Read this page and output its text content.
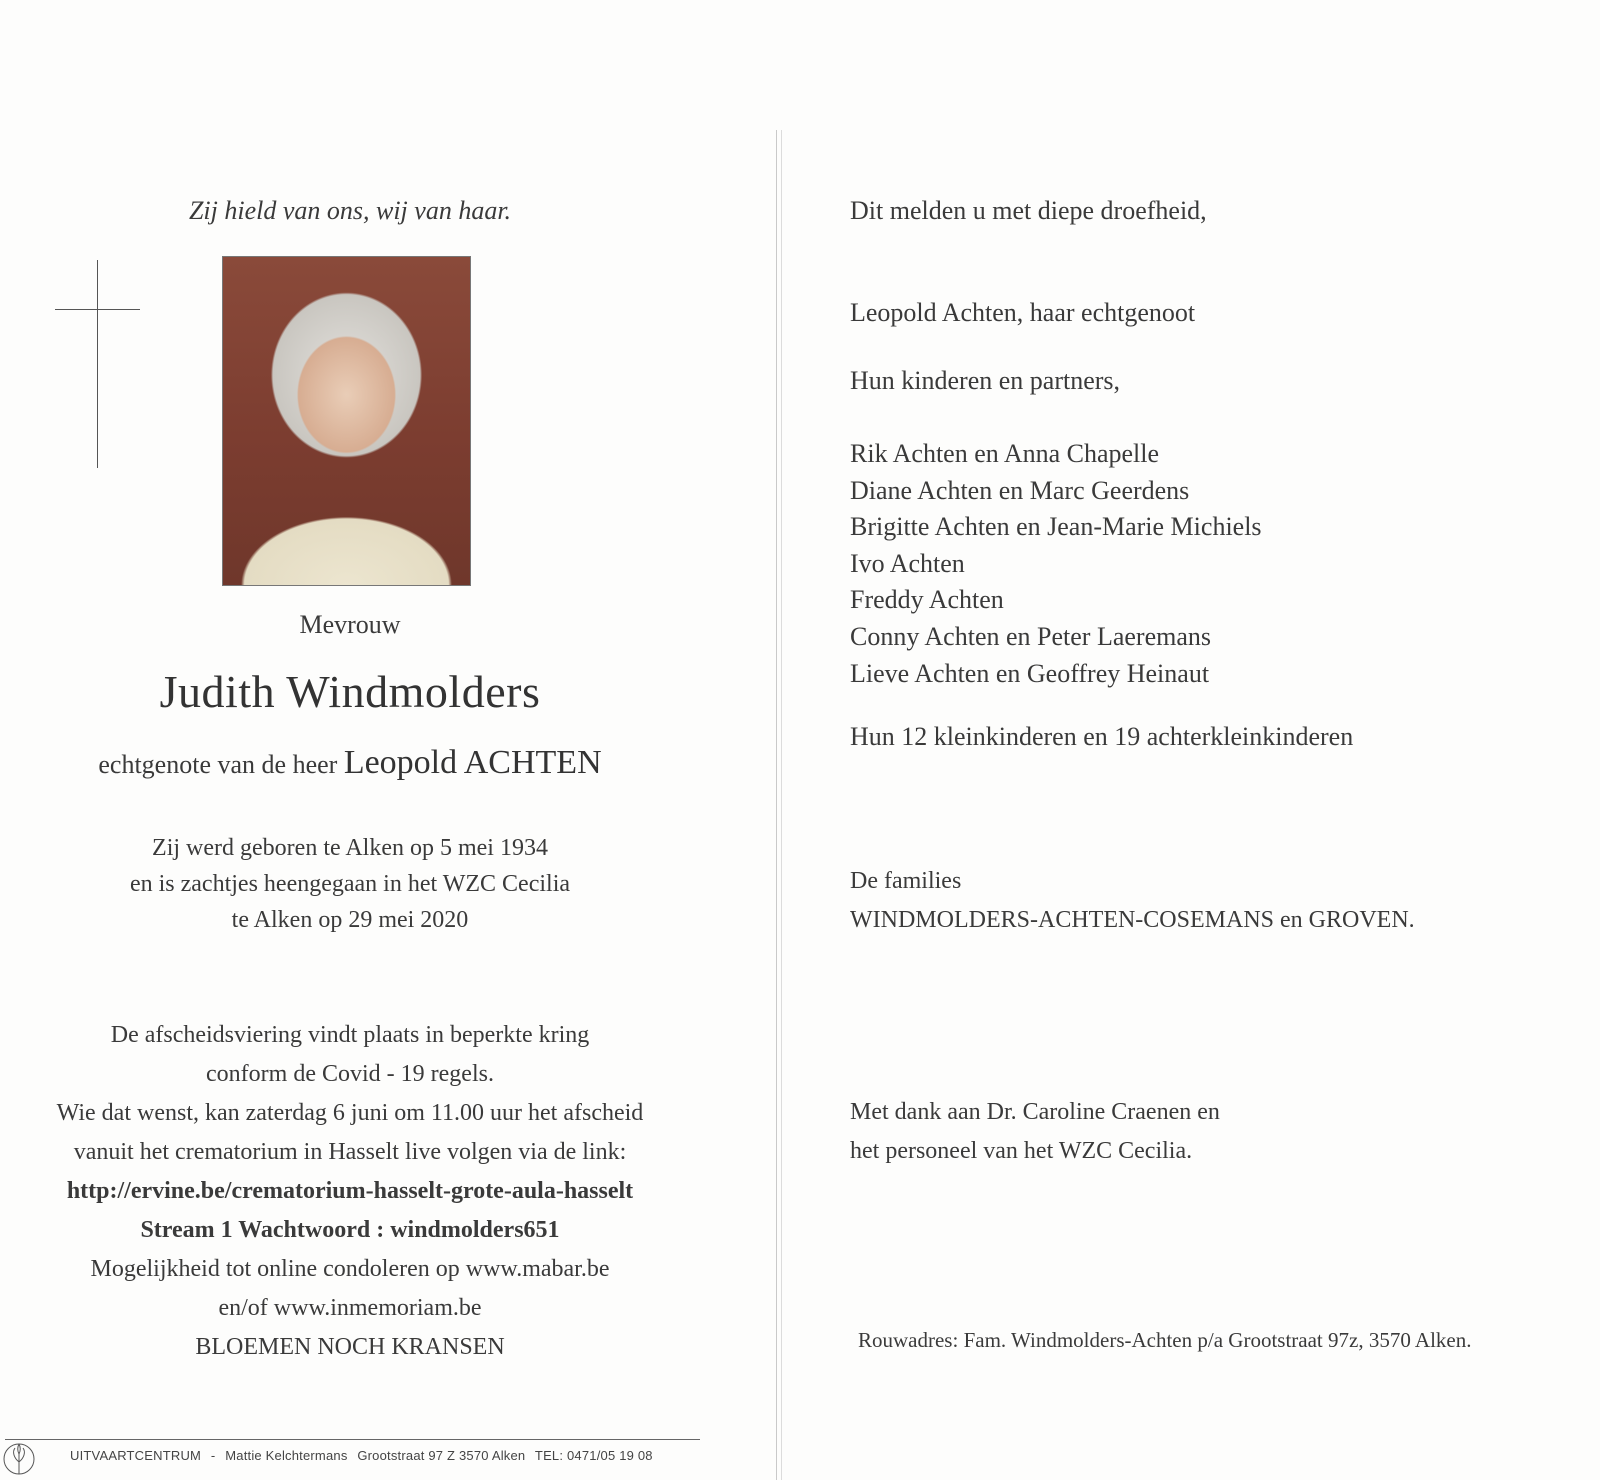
Zij hield van ons, wij van haar.
Mevrouw
Judith Windmolders
echtgenote van de heer Leopold ACHTEN
Zij werd geboren te Alken op 5 mei 1934
en is zachtjes heengegaan in het WZC Cecilia
te Alken op 29 mei 2020
De afscheidsviering vindt plaats in beperkte kring
conform de Covid - 19 regels.
Wie dat wenst, kan zaterdag 6 juni om 11.00 uur het afscheid
vanuit het crematorium in Hasselt live volgen via de link:
http://ervine.be/crematorium-hasselt-grote-aula-hasselt
Stream 1 Wachtwoord : windmolders651
Mogelijkheid tot online condoleren op www.mabar.be
en/of www.inmemoriam.be
BLOEMEN NOCH KRANSEN
UITVAARTCENTRUM - Mattie Kelchtermans Grootstraat 97 Z 3570 Alken TEL: 0471/05 19 08
Dit melden u met diepe droefheid,
Leopold Achten, haar echtgenoot
Hun kinderen en partners,
Rik Achten en Anna Chapelle
Diane Achten en Marc Geerdens
Brigitte Achten en Jean-Marie Michiels
Ivo Achten
Freddy Achten
Conny Achten en Peter Laeremans
Lieve Achten en Geoffrey Heinaut
Hun 12 kleinkinderen en 19 achterkleinkinderen
De families
WINDMOLDERS-ACHTEN-COSEMANS en GROVEN.
Met dank aan Dr. Caroline Craenen en
het personeel van het WZC Cecilia.
Rouwadres: Fam. Windmolders-Achten p/a Grootstraat 97z, 3570 Alken.
